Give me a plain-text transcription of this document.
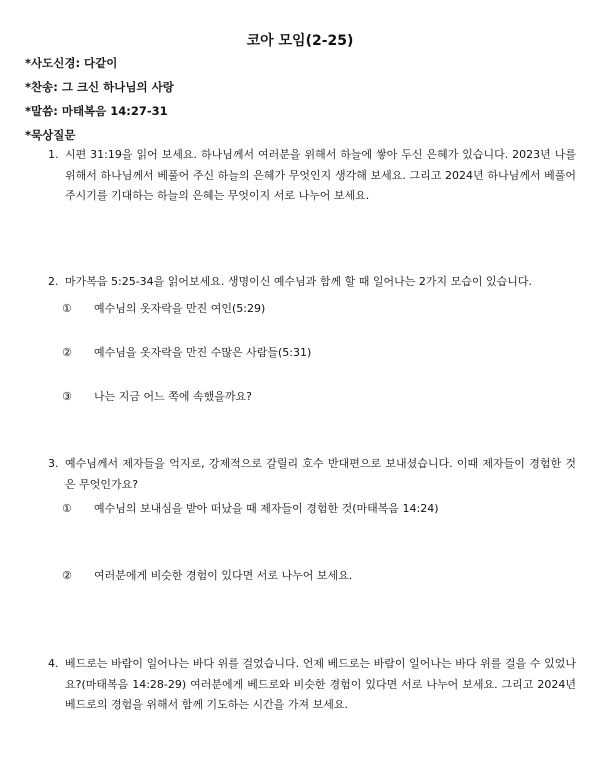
코아 모임(2-25)
*사도신경: 다같이
*찬송: 그 크신 하나님의 사랑
*말씀: 마태복음 14:27-31
*묵상질문
1. 시편 31:19을 읽어 보세요. 하나님께서 여러분을 위해서 하늘에 쌓아 두신 은혜가 있습니다. 2023년 나를 위해서 하나님께서 베풀어 주신 하늘의 은혜가 무엇인지 생각해 보세요. 그리고 2024년 하나님께서 베풀어 주시기를 기대하는 하늘의 은혜는 무엇이지 서로 나누어 보세요.
2. 마가복음 5:25-34을 읽어보세요. 생명이신 예수님과 함께 할 때 일어나는 2가지 모습이 있습니다.
① 예수님의 옷자락을 만진 여인(5:29)
② 예수님을 옷자락을 만진 수많은 사람들(5:31)
③ 나는 지금 어느 쪽에 속했을까요?
3. 예수님께서 제자들을 억지로, 강제적으로 갈릴리 호수 반대편으로 보내셨습니다. 이때 제자들이 경험한 것은 무엇인가요?
① 예수님의 보내심을 받아 떠났을 때 제자들이 경험한 것(마태복음 14:24)
② 여러분에게 비슷한 경험이 있다면 서로 나누어 보세요.
4. 베드로는 바람이 일어나는 바다 위를 걸었습니다. 언제 베드로는 바람이 일어나는 바다 위를 걸을 수 있었나요?(마태복음 14:28-29) 여러분에게 베드로와 비슷한 경험이 있다면 서로 나누어 보세요. 그리고 2024년 베드로의 경험을 위해서 함께 기도하는 시간을 가져 보세요.
